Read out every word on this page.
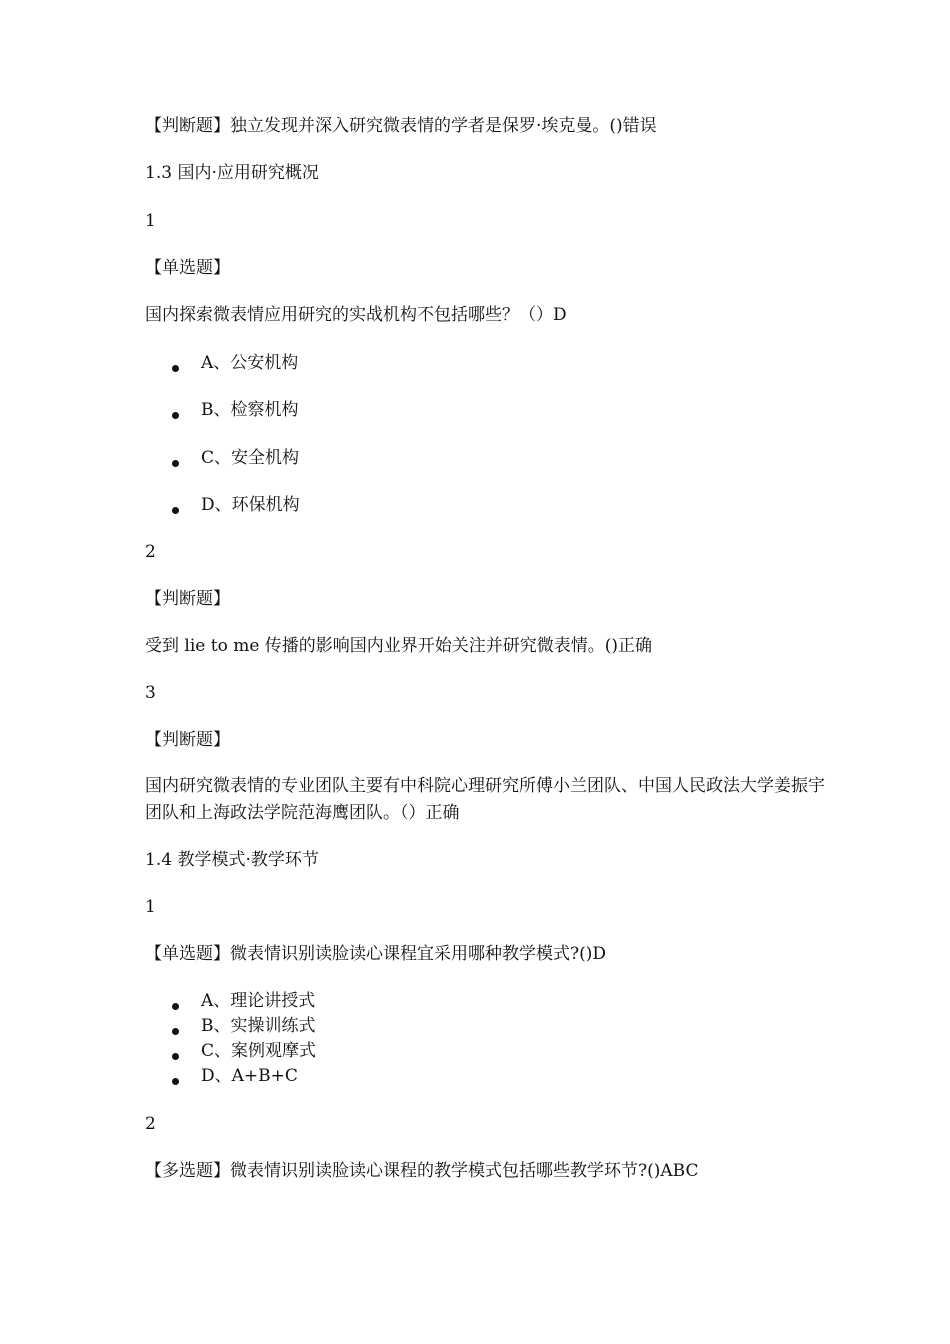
【判断题】独立发现并深入研究微表情的学者是保罗·埃克曼。()错误
1.3 国内·应用研究概况
1
【单选题】
国内探索微表情应用研究的实战机构不包括哪些？（）D
A、公安机构
B、检察机构
C、安全机构
D、环保机构
2
【判断题】
受到 lie to me 传播的影响国内业界开始关注并研究微表情。()正确
3
【判断题】
国内研究微表情的专业团队主要有中科院心理研究所傅小兰团队、中国人民政法大学姜振宇团队和上海政法学院范海鹰团队。（）正确
1.4 教学模式·教学环节
1
【单选题】微表情识别读脸读心课程宜采用哪种教学模式?()D
A、理论讲授式
B、实操训练式
C、案例观摩式
D、A+B+C
2
【多选题】微表情识别读脸读心课程的教学模式包括哪些教学环节?()ABC
